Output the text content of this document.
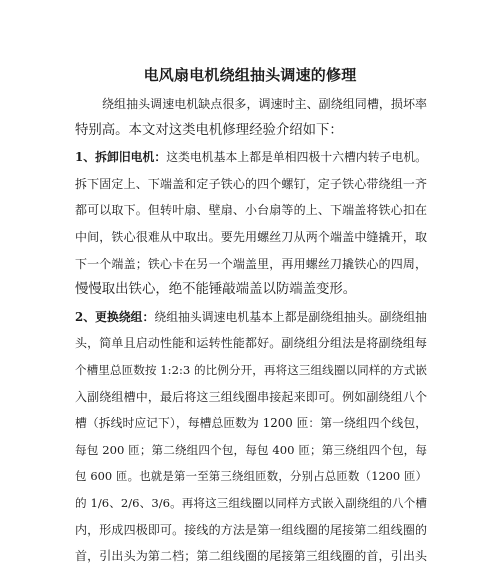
电风扇电机绕组抽头调速的修理
绕组抽头调速电机缺点很多，调速时主、副绕组同槽，损坏率
特别高。本文对这类电机修理经验介绍如下：
1、拆卸旧电机：这类电机基本上都是单相四极十六槽内转子电机。
拆下固定上、下端盖和定子铁心的四个螺钉，定子铁心带绕组一齐
都可以取下。但转叶扇、壁扇、小台扇等的上、下端盖将铁心扣在
中间，铁心很难从中取出。要先用螺丝刀从两个端盖中缝撬开，取
下一个端盖；铁心卡在另一个端盖里，再用螺丝刀撬铁心的四周，
慢慢取出铁心，绝不能锤敲端盖以防端盖变形。
2、更换绕组：绕组抽头调速电机基本上都是副绕组抽头。副绕组抽
头，简单且启动性能和运转性能都好。副绕组分组法是将副绕组每
个槽里总匝数按 1:2:3 的比例分开，再将这三组线圈以同样的方式嵌
入副绕组槽中，最后将这三组线圈串接起来即可。例如副绕组八个
槽（拆线时应记下），每槽总匝数为 1200 匝：第一绕组四个线包，
每包 200 匝；第二绕组四个包，每包 400 匝；第三绕组四个包，每
包 600 匝。也就是第一至第三绕组匝数，分别占总匝数（1200 匝）
的 1/6、2/6、3/6。再将这三组线圈以同样方式嵌入副绕组的八个槽
内，形成四极即可。接线的方法是第一组线圈的尾接第二组线圈的
首，引出头为第二档；第二组线圈的尾接第三组线圈的首，引出头
